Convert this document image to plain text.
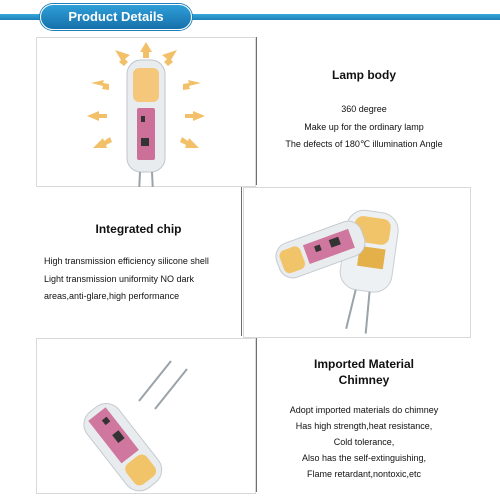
Product Details
Lamp body
360 degree
Make up for the ordinary lamp
The defects of 180℃ illumination Angle
Integrated chip
High transmission efficiency silicone shell
Light transmission uniformity NO dark
areas,anti-glare,high performance
Imported Material
Chimney
Adopt imported materials do chimney
Has high strength,heat resistance,
Cold tolerance,
Also has the self-extinguishing,
Flame retardant,nontoxic,etc
